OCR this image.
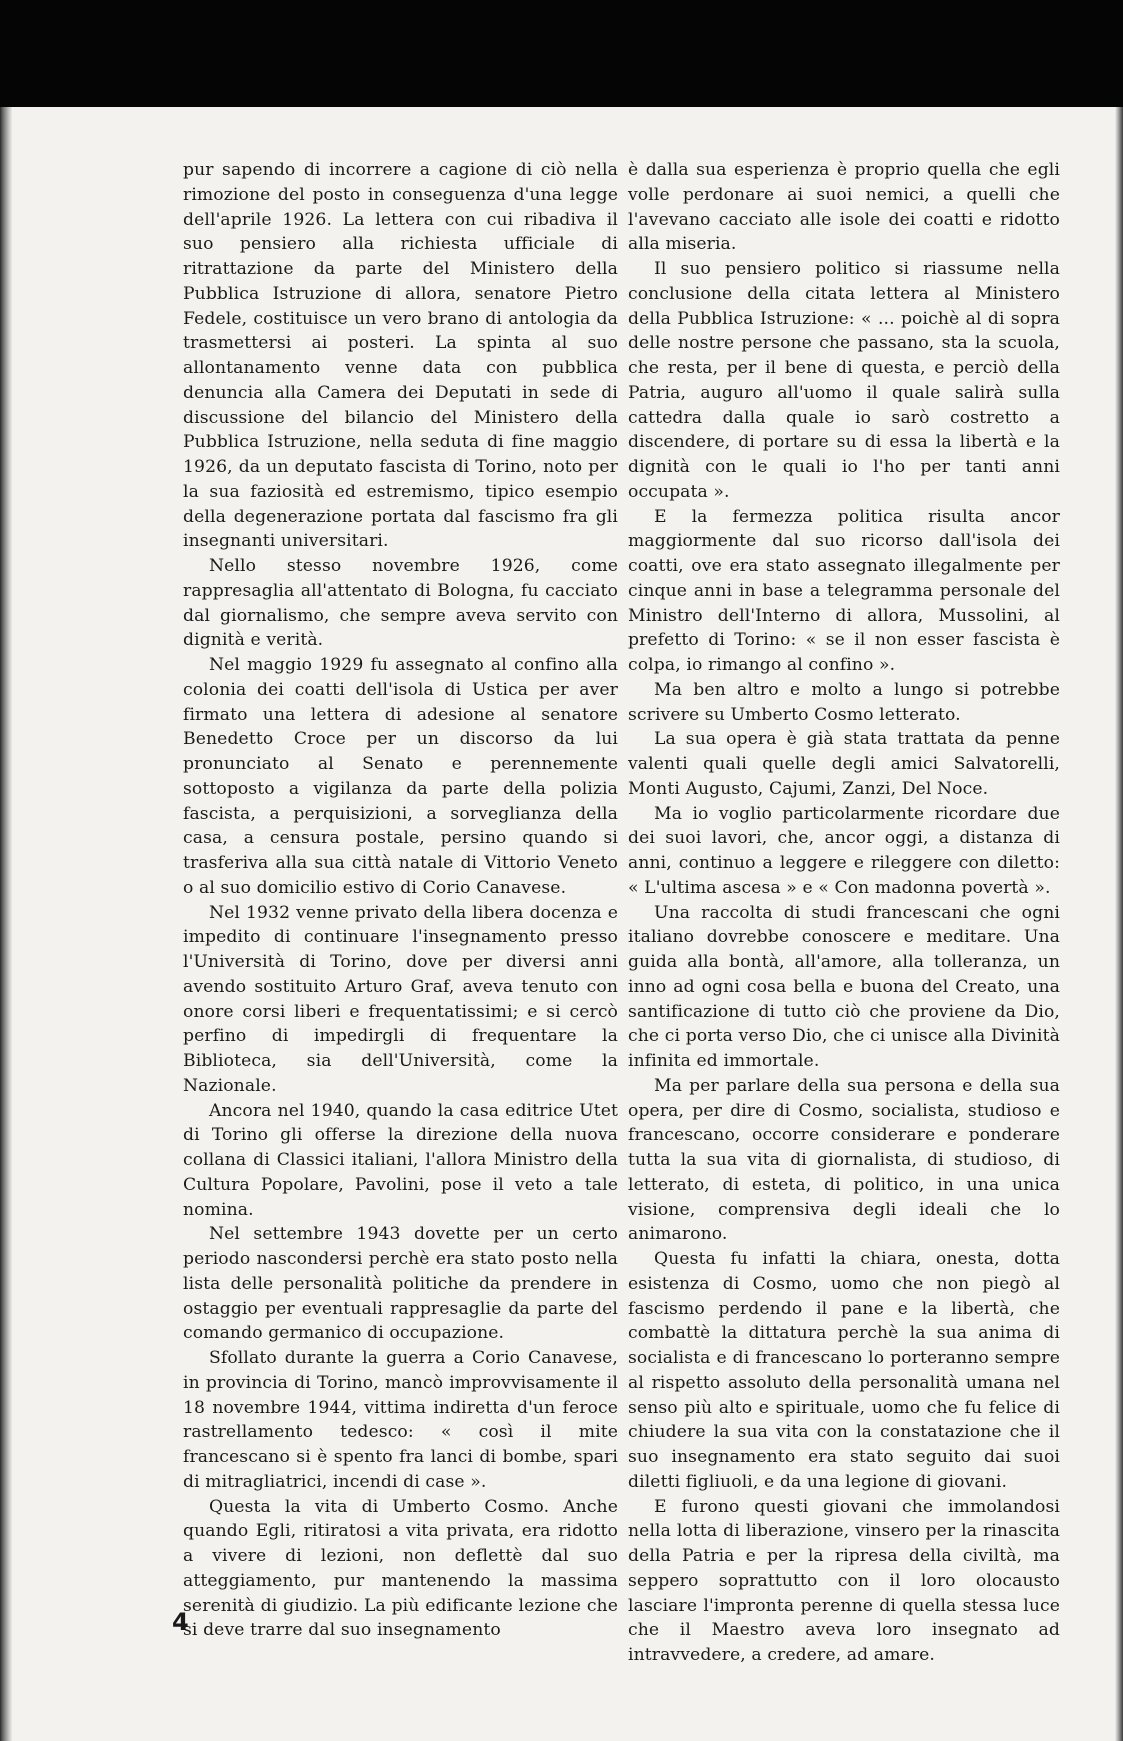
pur sapendo di incorrere a cagione di ciò nella rimozione del posto in conseguenza d'una legge dell'aprile 1926. La lettera con cui ribadiva il suo pensiero alla richiesta ufficiale di ritrattazione da parte del Ministero della Pubblica Istruzione di allora, senatore Pietro Fedele, costituisce un vero brano di antologia da trasmettersi ai posteri. La spinta al suo allontanamento venne data con pubblica denuncia alla Camera dei Deputati in sede di discussione del bilancio del Ministero della Pubblica Istruzione, nella seduta di fine maggio 1926, da un deputato fascista di Torino, noto per la sua faziosità ed estremismo, tipico esempio della degenerazione portata dal fascismo fra gli insegnanti universitari.

Nello stesso novembre 1926, come rappresaglia all'attentato di Bologna, fu cacciato dal giornalismo, che sempre aveva servito con dignità e verità.

Nel maggio 1929 fu assegnato al confino alla colonia dei coatti dell'isola di Ustica per aver firmato una lettera di adesione al senatore Benedetto Croce per un discorso da lui pronunciato al Senato e perennemente sottoposto a vigilanza da parte della polizia fascista, a perquisizioni, a sorveglianza della casa, a censura postale, persino quando si trasferiva alla sua città natale di Vittorio Veneto o al suo domicilio estivo di Corio Canavese.

Nel 1932 venne privato della libera docenza e impedito di continuare l'insegnamento presso l'Università di Torino, dove per diversi anni avendo sostituito Arturo Graf, aveva tenuto con onore corsi liberi e frequentatissimi; e si cercò perfino di impedirgli di frequentare la Biblioteca, sia dell'Università, come la Nazionale.

Ancora nel 1940, quando la casa editrice Utet di Torino gli offerse la direzione della nuova collana di Classici italiani, l'allora Ministro della Cultura Popolare, Pavolini, pose il veto a tale nomina.

Nel settembre 1943 dovette per un certo periodo nascondersi perchè era stato posto nella lista delle personalità politiche da prendere in ostaggio per eventuali rappresaglie da parte del comando germanico di occupazione.

Sfollato durante la guerra a Corio Canavese, in provincia di Torino, mancò improvvisamente il 18 novembre 1944, vittima indiretta d'un feroce rastrellamento tedesco: « così il mite francescano si è spento fra lanci di bombe, spari di mitragliatrici, incendi di case ».

Questa la vita di Umberto Cosmo. Anche quando Egli, ritiratosi a vita privata, era ridotto a vivere di lezioni, non deflettè dal suo atteggiamento, pur mantenendo la massima serenità di giudizio. La più edificante lezione che si deve trarre dal suo insegnamento

è dalla sua esperienza è proprio quella che egli volle perdonare ai suoi nemici, a quelli che l'avevano cacciato alle isole dei coatti e ridotto alla miseria.

Il suo pensiero politico si riassume nella conclusione della citata lettera al Ministero della Pubblica Istruzione: « ... poichè al di sopra delle nostre persone che passano, sta la scuola, che resta, per il bene di questa, e perciò della Patria, auguro all'uomo il quale salirà sulla cattedra dalla quale io sarò costretto a discendere, di portare su di essa la libertà e la dignità con le quali io l'ho per tanti anni occupata ».

E la fermezza politica risulta ancor maggiormente dal suo ricorso dall'isola dei coatti, ove era stato assegnato illegalmente per cinque anni in base a telegramma personale del Ministro dell'Interno di allora, Mussolini, al prefetto di Torino: « se il non esser fascista è colpa, io rimango al confino ».

Ma ben altro e molto a lungo si potrebbe scrivere su Umberto Cosmo letterato.

La sua opera è già stata trattata da penne valenti quali quelle degli amici Salvatorelli, Monti Augusto, Cajumi, Zanzi, Del Noce.

Ma io voglio particolarmente ricordare due dei suoi lavori, che, ancor oggi, a distanza di anni, continuo a leggere e rileggere con diletto: « L'ultima ascesa » e « Con madonna povertà ».

Una raccolta di studi francescani che ogni italiano dovrebbe conoscere e meditare. Una guida alla bontà, all'amore, alla tolleranza, un inno ad ogni cosa bella e buona del Creato, una santificazione di tutto ciò che proviene da Dio, che ci porta verso Dio, che ci unisce alla Divinità infinita ed immortale.

Ma per parlare della sua persona e della sua opera, per dire di Cosmo, socialista, studioso e francescano, occorre considerare e ponderare tutta la sua vita di giornalista, di studioso, di letterato, di esteta, di politico, in una unica visione, comprensiva degli ideali che lo animarono.

Questa fu infatti la chiara, onesta, dotta esistenza di Cosmo, uomo che non piegò al fascismo perdendo il pane e la libertà, che combattè la dittatura perchè la sua anima di socialista e di francescano lo porteranno sempre al rispetto assoluto della personalità umana nel senso più alto e spirituale, uomo che fu felice di chiudere la sua vita con la constatazione che il suo insegnamento era stato seguito dai suoi diletti figliuoli, e da una legione di giovani.

E furono questi giovani che immolandosi nella lotta di liberazione, vinsero per la rinascita della Patria e per la ripresa della civiltà, ma seppero soprattutto con il loro olocausto lasciare l'impronta perenne di quella stessa luce che il Maestro aveva loro insegnato ad intravvedere, a credere, ad amare.

4
